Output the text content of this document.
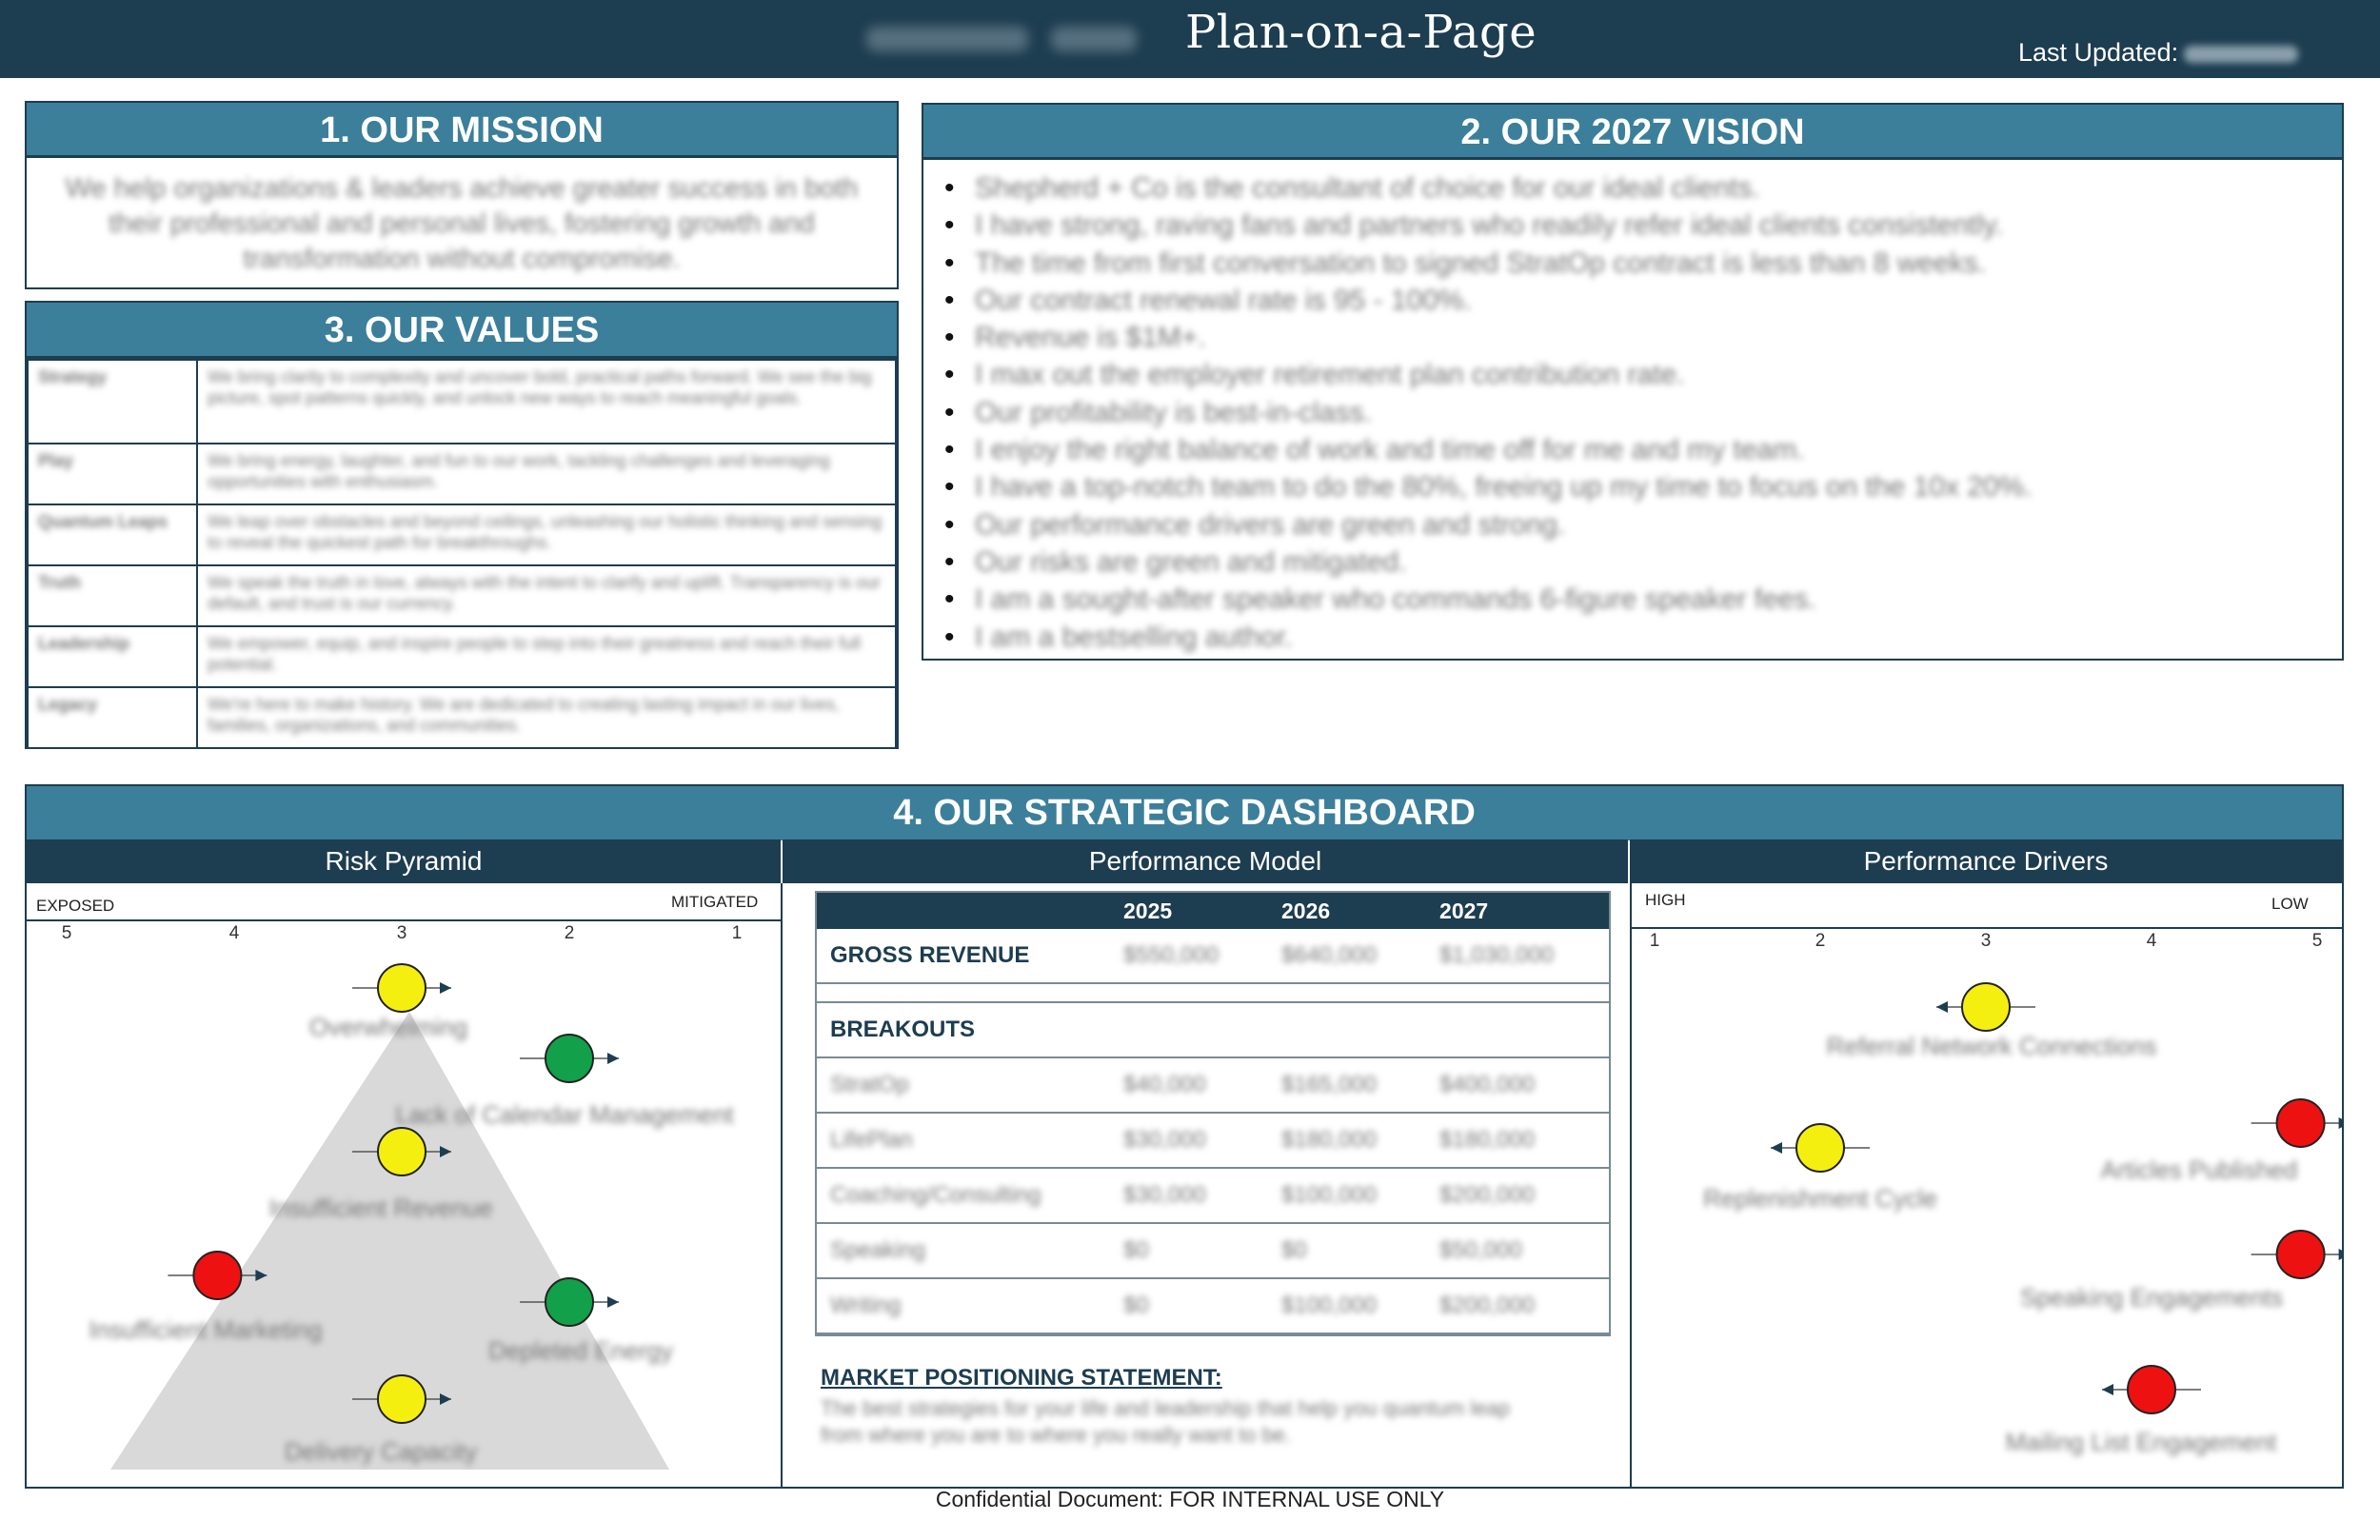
Plan-on-a-Page	Last Updated:
1. OUR MISSION
We help organizations & leaders achieve greater success in both their professional and personal lives, fostering growth and transformation without compromise.
3. OUR VALUES
Strategy	We bring clarity to complexity and uncover bold, practical paths forward. We see the big picture, spot patterns quickly, and unlock new ways to reach meaningful goals.
Play	We bring energy, laughter, and fun to our work, tackling challenges and leveraging opportunities with enthusiasm.
Quantum Leaps	We leap over obstacles and beyond ceilings, unleashing our holistic thinking and sensing to reveal the quickest path for breakthroughs.
Truth	We speak the truth in love, always with the intent to clarify and uplift. Transparency is our default, and trust is our currency.
Leadership	We empower, equip, and inspire people to step into their greatness and reach their full potential.
Legacy	We're here to make history. We are dedicated to creating lasting impact in our lives, families, organizations, and communities.
2. OUR 2027 VISION
• Shepherd + Co is the consultant of choice for our ideal clients.
• I have strong, raving fans and partners who readily refer ideal clients consistently.
• The time from first conversation to signed StratOp contract is less than 8 weeks.
• Our contract renewal rate is 95 - 100%.
• Revenue is $1M+.
• I max out the employer retirement plan contribution rate.
• Our profitability is best-in-class.
• I enjoy the right balance of work and time off for me and my team.
• I have a top-notch team to do the 80%, freeing up my time to focus on the 10x 20%.
• Our performance drivers are green and strong.
• Our risks are green and mitigated.
• I am a sought-after speaker who commands 6-figure speaker fees.
• I am a bestselling author.
4. OUR STRATEGIC DASHBOARD
Risk Pyramid	Performance Model	Performance Drivers
EXPOSED	MITIGATED
5	4	3	2	1
Overwhelming
Lack of Calendar Management
Insufficient Revenue
Insufficient Marketing
Depleted Energy
Delivery Capacity
	2025	2026	2027
GROSS REVENUE	$550,000	$640,000	$1,030,000

BREAKOUTS			
StratOp	$40,000	$165,000	$400,000
LifePlan	$30,000	$180,000	$180,000
Coaching/Consulting	$30,000	$100,000	$200,000
Speaking	$0	$0	$50,000
Writing	$0	$100,000	$200,000
MARKET POSITIONING STATEMENT:
The best strategies for your life and leadership that help you quantum leap from where you are to where you really want to be.
HIGH	LOW
1	2	3	4	5
Referral Network Connections
Replenishment Cycle
Articles Published
Speaking Engagements
Mailing List Engagement
Confidential Document: FOR INTERNAL USE ONLY
